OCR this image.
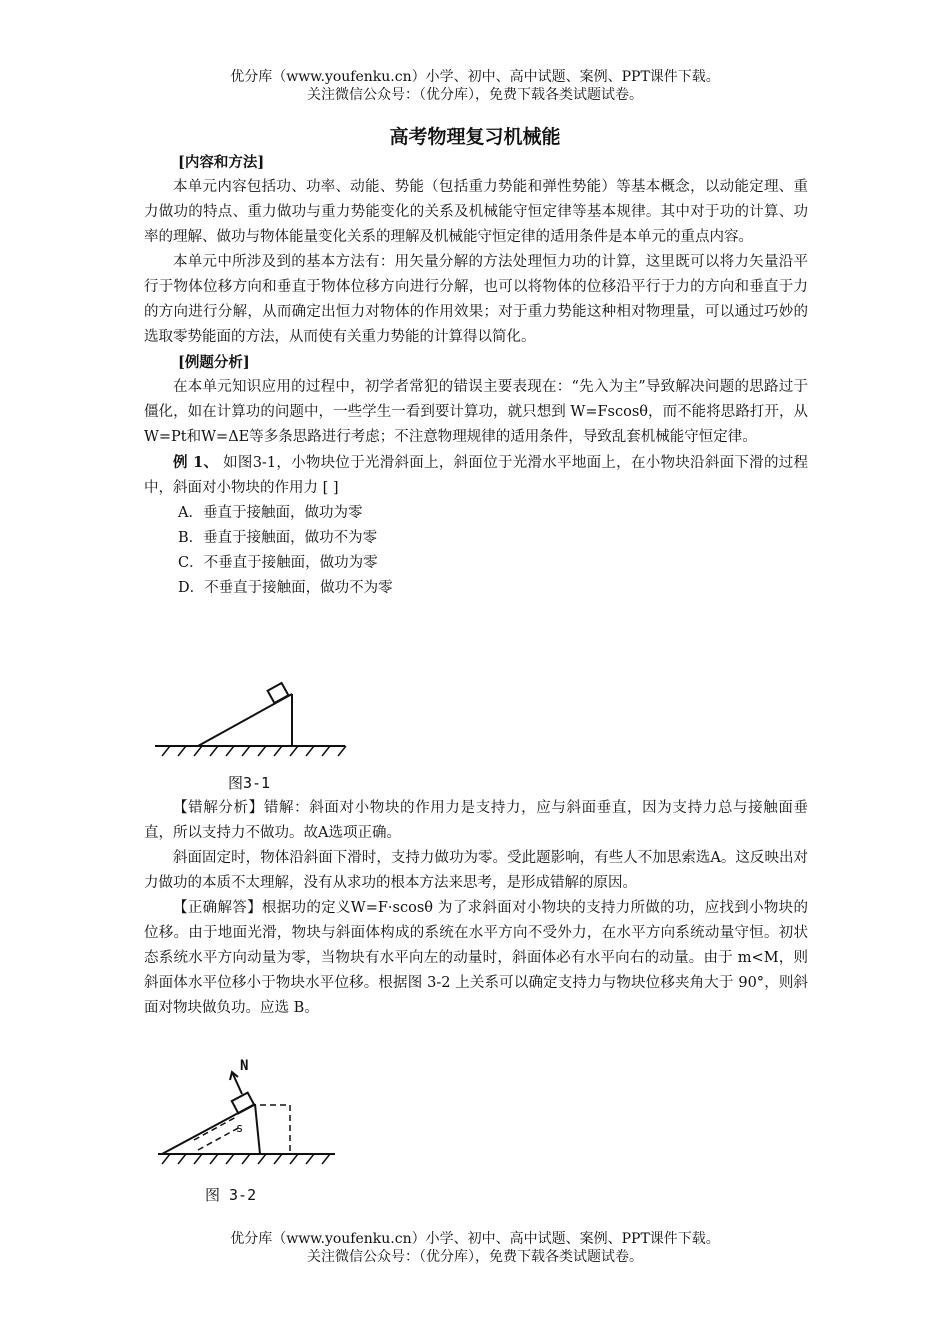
优分库（www.youfenku.cn）小学、初中、高中试题、案例、PPT课件下载。
关注微信公众号：（优分库），免费下载各类试题试卷。
高考物理复习机械能
[内容和方法]

本单元内容包括功、功率、动能、势能（包括重力势能和弹性势能）等基本概念，以动能定理、重力做功的特点、重力做功与重力势能变化的关系及机械能守恒定律等基本规律。其中对于功的计算、功率的理解、做功与物体能量变化关系的理解及机械能守恒定律的适用条件是本单元的重点内容。

本单元中所涉及到的基本方法有：用矢量分解的方法处理恒力功的计算，这里既可以将力矢量沿平行于物体位移方向和垂直于物体位移方向进行分解，也可以将物体的位移沿平行于力的方向和垂直于力的方向进行分解，从而确定出恒力对物体的作用效果；对于重力势能这种相对物理量，可以通过巧妙的选取零势能面的方法，从而使有关重力势能的计算得以简化。

[例题分析]

在本单元知识应用的过程中，初学者常犯的错误主要表现在：“先入为主”导致解决问题的思路过于僵化，如在计算功的问题中，一些学生一看到要计算功，就只想到 W=Fscosθ，而不能将思路打开，从W=Pt和W=ΔE等多条思路进行考虑；不注意物理规律的适用条件，导致乱套机械能守恒定律。

例 1、 如图3-1，小物块位于光滑斜面上，斜面位于光滑水平地面上，在小物块沿斜面下滑的过程中，斜面对小物块的作用力 [ ]

A．垂直于接触面，做功为零

B．垂直于接触面，做功不为零

C．不垂直于接触面，做功为零

D．不垂直于接触面，做功不为零

图3-1

【错解分析】错解：斜面对小物块的作用力是支持力，应与斜面垂直，因为支持力总与接触面垂直，所以支持力不做功。故A选项正确。

斜面固定时，物体沿斜面下滑时，支持力做功为零。受此题影响，有些人不加思索选A。这反映出对力做功的本质不太理解，没有从求功的根本方法来思考，是形成错解的原因。

【正确解答】根据功的定义W=F·scosθ 为了求斜面对小物块的支持力所做的功，应找到小物块的位移。由于地面光滑，物块与斜面体构成的系统在水平方向不受外力，在水平方向系统动量守恒。初状态系统水平方向动量为零，当物块有水平向左的动量时，斜面体必有水平向右的动量。由于 m<M，则斜面体水平位移小于物块水平位移。根据图 3-2 上关系可以确定支持力与物块位移夹角大于 90°，则斜面对物块做负功。应选 B。

N
s
图 3-2
优分库（www.youfenku.cn）小学、初中、高中试题、案例、PPT课件下载。
关注微信公众号：（优分库），免费下载各类试题试卷。
